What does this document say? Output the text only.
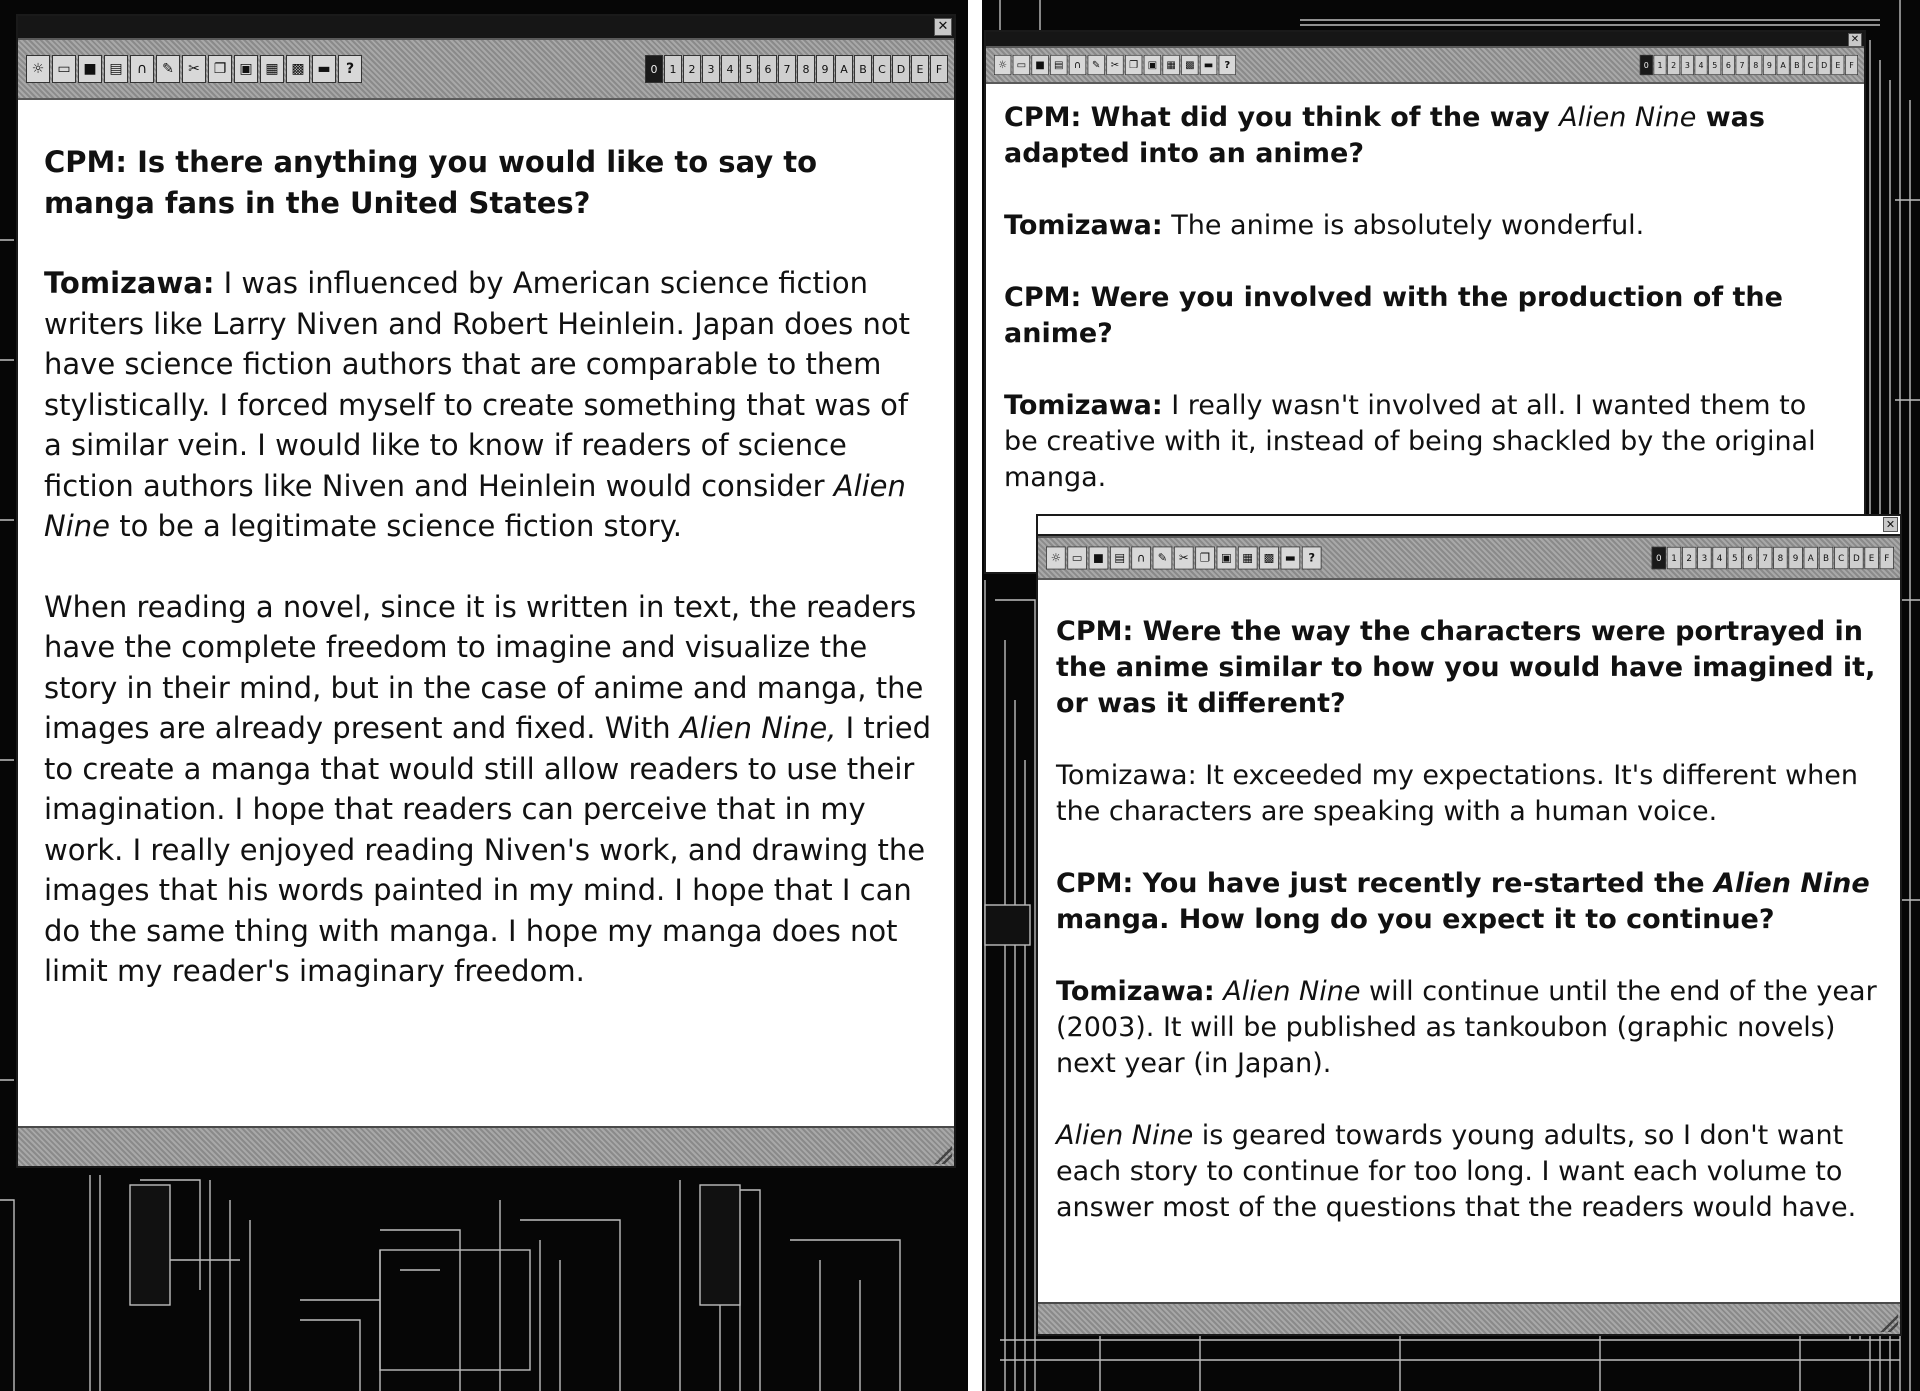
✕
☼ ▭ ■ ▤	∩	✎	✂ ❐ ▣ ▦ ▩ ▬	?	0	1	2	3	4	5	6	7	8	9	A	B	C D	E	F

CPM: Is there anything you would like to say to manga fans in the United States?

Tomizawa: I was influenced by American science fiction writers like Larry Niven and Robert Heinlein. Japan does not have science fiction authors that are comparable to them stylistically. I forced myself to create something that was of a similar vein. I would like to know if readers of science fiction authors like Niven and Heinlein would consider Alien Nine to be a legitimate science fiction story.

When reading a novel, since it is written in text, the readers have the complete freedom to imagine and visualize the story in their mind, but in the case of anime and manga, the images are already present and fixed. With Alien Nine, I tried to create a manga that would still allow readers to use their imagination. I hope that readers can perceive that in my work. I really enjoyed reading Niven's work, and drawing the images that his words painted in my mind. I hope that I can do the same thing with manga. I hope my manga does not limit my reader's imaginary freedom.

✕
☼ ▭ ■ ▤ ∩ ✎ ✂ ❐ ▣ ▦ ▩ ▬ ?	0 1 2 3 4 5 6 7 8 9 A B C D E F

CPM: What did you think of the way Alien Nine was adapted into an anime?

Tomizawa: The anime is absolutely wonderful.

CPM: Were you involved with the production of the anime?

Tomizawa: I really wasn't involved at all. I wanted them to be creative with it, instead of being shackled by the original manga.

✕
☼ ▭ ■ ▤ ∩ ✎ ✂ ❐ ▣ ▦ ▩ ▬ ?	0 1 2 3 4 5 6 7 8 9 A B C D E F

CPM: Were the way the characters were portrayed in the anime similar to how you would have imagined it, or was it different?

Tomizawa: It exceeded my expectations. It's different when the characters are speaking with a human voice.

CPM: You have just recently re-started the Alien Nine manga. How long do you expect it to continue?

Tomizawa: Alien Nine will continue until the end of the year (2003). It will be published as tankoubon (graphic novels) next year (in Japan).

Alien Nine is geared towards young adults, so I don't want each story to continue for too long. I want each volume to answer most of the questions that the readers would have.
